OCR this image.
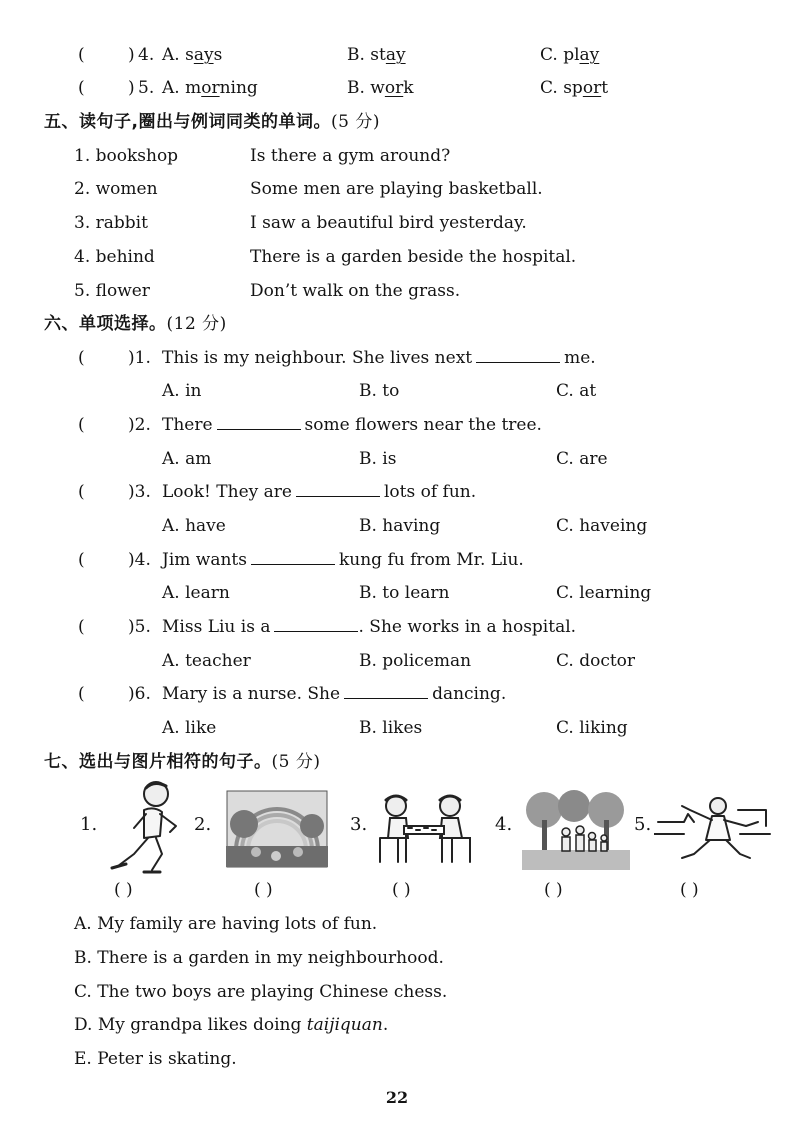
(	) 4. A. says	B. stay	C. play
(	) 5. A. morning	B. work	C. sport
五、读句子,圈出与例词同类的单词。(5 分)
1. bookshop	Is there a gym around?
2. women	Some men are playing basketball.
3. rabbit	I saw a beautiful bird yesterday.
4. behind	There is a garden beside the hospital.
5. flower	Don’t walk on the grass.
六、单项选择。(12 分)
(	)1. This is my neighbour. She lives next	me.
A. in	B. to	C. at
(	)2. There	some flowers near the tree.
A. am	B. is	C. are
(	)3. Look! They are	lots of fun.
A. have	B. having	C. haveing
(	)4. Jim wants	kung fu from Mr. Liu.
A. learn	B. to learn	C. learning
(	)5. Miss Liu is a	. She works in a hospital.
A. teacher	B. policeman	C. doctor
(	)6. Mary is a nurse. She	dancing.
A. like	B. likes	C. liking
七、选出与图片相符的句子。(5 分)
1.	2.	3.	4.	5.
( )	( )	( )	( )	( )
A. My family are having lots of fun.
B. There is a garden in my neighbourhood.
C. The two boys are playing Chinese chess.
D. My grandpa likes doing taijiquan.
E. Peter is skating.
22
